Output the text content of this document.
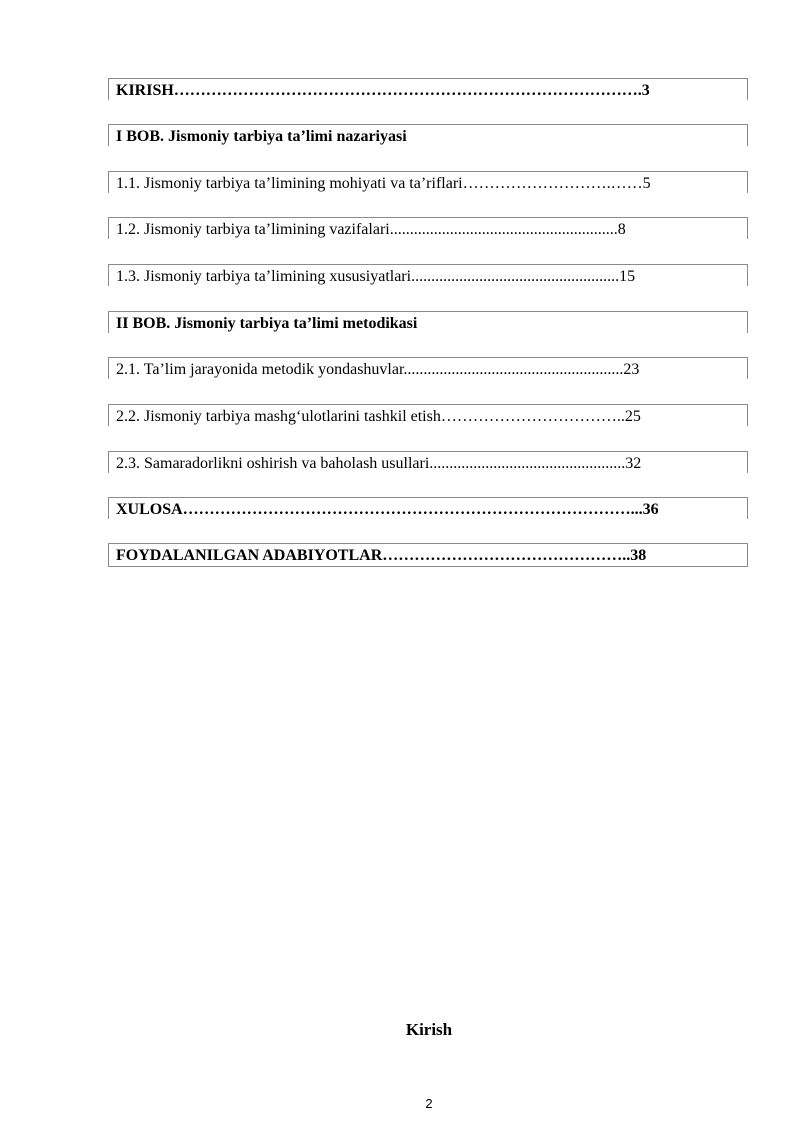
KIRISH…………………………………………………………………………….3
I BOB. Jismoniy tarbiya ta’limi nazariyasi
1.1. Jismoniy tarbiya ta’limining mohiyati va ta’riflari……………………….……5
1.2. Jismoniy tarbiya ta’limining vazifalari.........................................................8
1.3. Jismoniy tarbiya ta’limining xususiyatlari....................................................15
II BOB. Jismoniy tarbiya ta’limi metodikasi
2.1. Ta’lim jarayonida metodik yondashuvlar.......................................................23
2.2. Jismoniy tarbiya mashg‘ulotlarini tashkil etish……………………………..25
2.3. Samaradorlikni oshirish va baholash usullari.................................................32
XULOSA…………………………………………………………………………...36
FOYDALANILGAN ADABIYOTLAR………………………………………..38
Kirish
2
